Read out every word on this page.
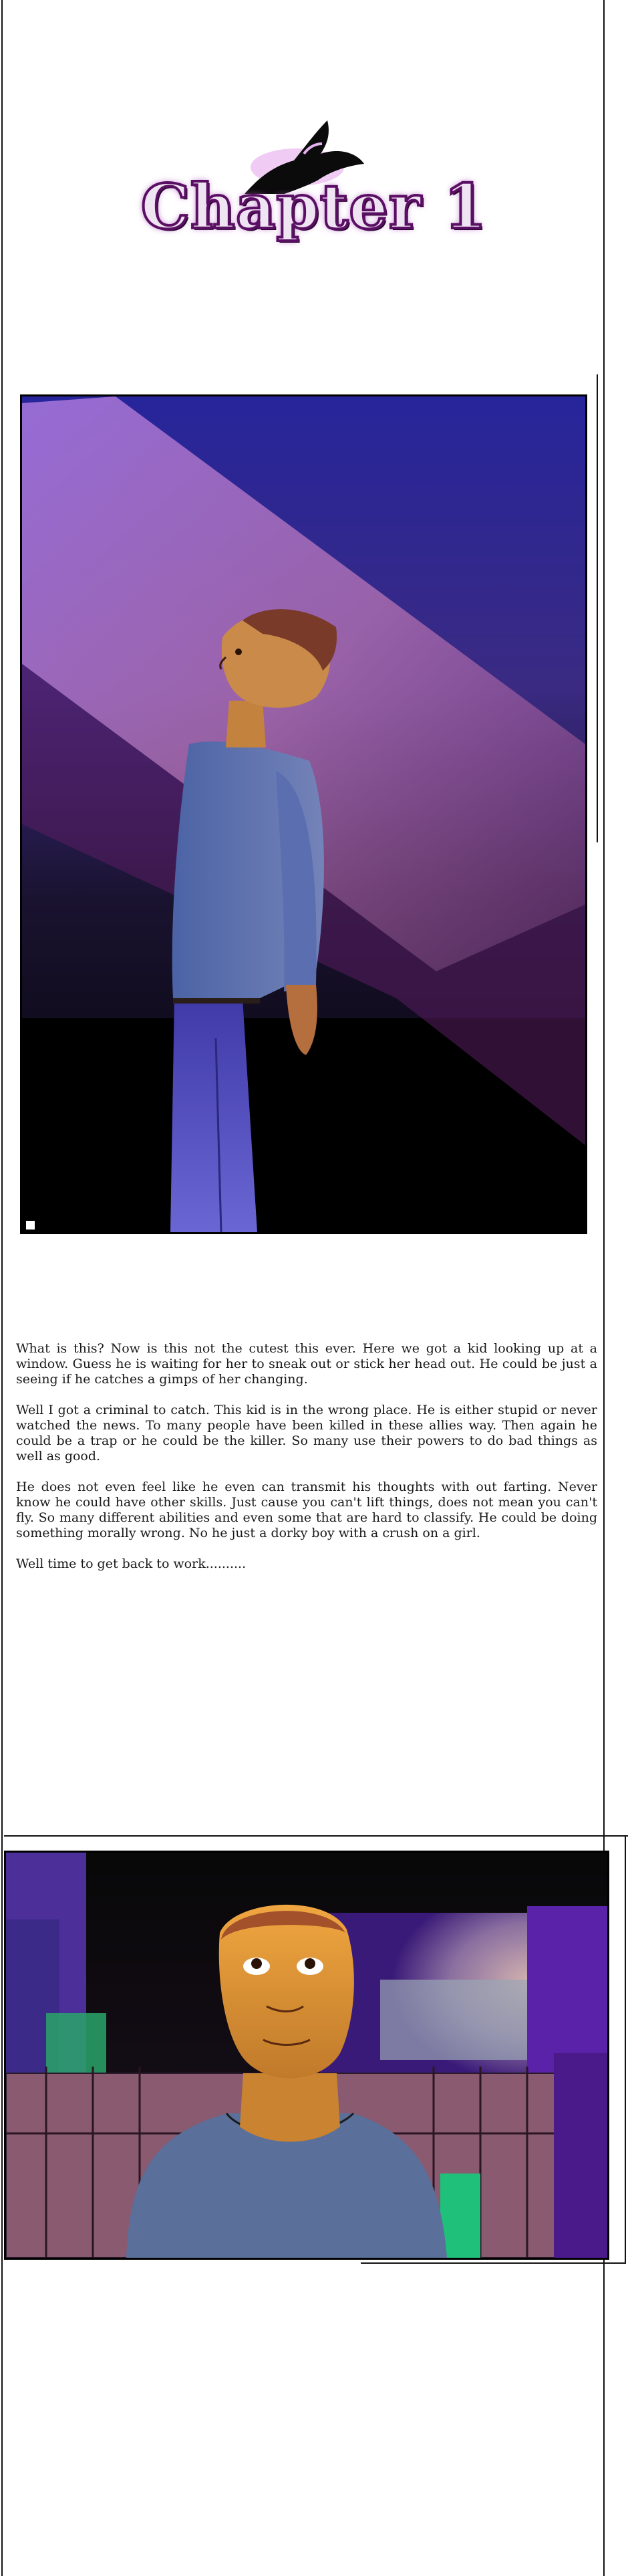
Chapter 1

What is this? Now is this not the cutest this ever. Here we got a kid looking up at a window. Guess he is waiting for her to sneak out or stick her head out. He could be just a seeing if he catches a gimps of her changing.

Well I got a criminal to catch. This kid is in the wrong place. He is either stupid or never watched the news. To many people have been killed in these allies way. Then again he could be a trap or he could be the killer. So many use their powers to do bad things as well as good.

He does not even feel like he even can transmit his thoughts with out farting. Never know he could have other skills. Just cause you can't lift things, does not mean you can't fly. So many different abilities and even some that are hard to classify. He could be doing something morally wrong. No he just a dorky boy with a crush on a girl.

Well time to get back to work..........
